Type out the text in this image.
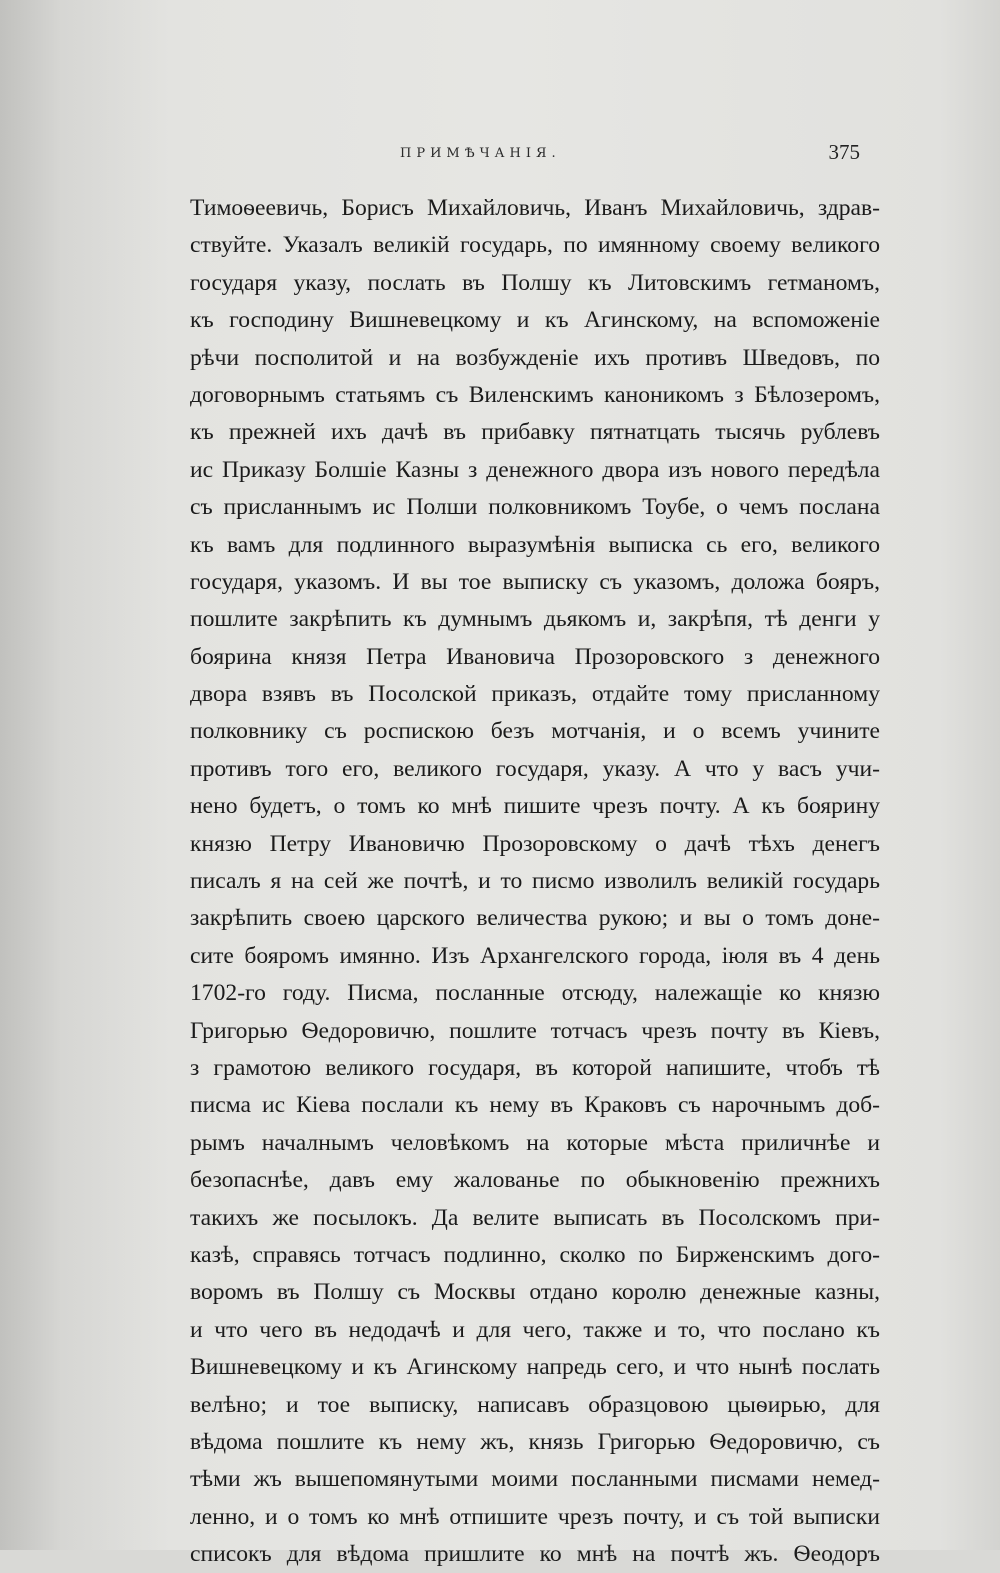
ПРИМѢЧАНІЯ.	375
Тимоѳеевичь, Борисъ Михайловичь, Иванъ Михайловичь, здрав-
ствуйте. Указалъ великій государь, по имянному своему великого
государя указу, послать въ Полшу къ Литовскимъ гетманомъ,
къ господину Вишневецкому и къ Агинскому, на вспоможеніе
рѣчи посполитой и на возбужденіе ихъ противъ Шведовъ, по
договорнымъ статьямъ съ Виленскимъ каноникомъ з Бѣлозеромъ,
къ прежней ихъ дачѣ въ прибавку пятнатцать тысячь рублевъ
ис Приказу Болшіе Казны з денежного двора изъ нового передѣла
съ присланнымъ ис Полши полковникомъ Тоубе, о чемъ послана
къ вамъ для подлинного выразумѣнія выписка сь его, великого
государя, указомъ. И вы тое выписку съ указомъ, доложа бояръ,
пошлите закрѣпить къ думнымъ дьякомъ и, закрѣпя, тѣ денги у
боярина князя Петра Ивановича Прозоровского з денежного
двора взявъ въ Посолской приказъ, отдайте тому присланному
полковнику съ роспискою безъ мотчанія, и о всемъ учините
противъ того его, великого государя, указу. А что у васъ учи-
нено будетъ, о томъ ко мнѣ пишите чрезъ почту. А къ боярину
князю Петру Ивановичю Прозоровскому о дачѣ тѣхъ денегъ
писалъ я на сей же почтѣ, и то писмо изволилъ великій государь
закрѣпить своею царского величества рукою; и вы о томъ доне-
сите бояромъ имянно. Изъ Архангелского города, іюля въ 4 день
1702-го году. Писма, посланные отсюду, належащіе ко князю
Григорью Ѳедоровичю, пошлите тотчасъ чрезъ почту въ Кіевъ,
з грамотою великого государя, въ которой напишите, чтобъ тѣ
писма ис Кіева послали къ нему въ Краковъ съ нарочнымъ доб-
рымъ началнымъ человѣкомъ на которые мѣста приличнѣе и
безопаснѣе, давъ ему жалованье по обыкновенію прежнихъ
такихъ же посылокъ. Да велите выписать въ Посолскомъ при-
казѣ, справясь тотчасъ подлинно, сколко по Бирженскимъ дого-
воромъ въ Полшу съ Москвы отдано королю денежные казны,
и что чего въ недодачѣ и для чего, также и то, что послано къ
Вишневецкому и къ Агинскому напредь сего, и что нынѣ послать
велѣно; и тое выписку, написавъ образцовою цыѳирью, для
вѣдома пошлите къ нему жъ, князь Григорью Ѳедоровичю, съ
тѣми жъ вышепомянутыми моими посланными писмами немед-
ленно, и о томъ ко мнѣ отпишите чрезъ почту, и съ той выписки
списокъ для вѣдома пришлите ко мнѣ на почтѣ жъ. Ѳеодоръ
